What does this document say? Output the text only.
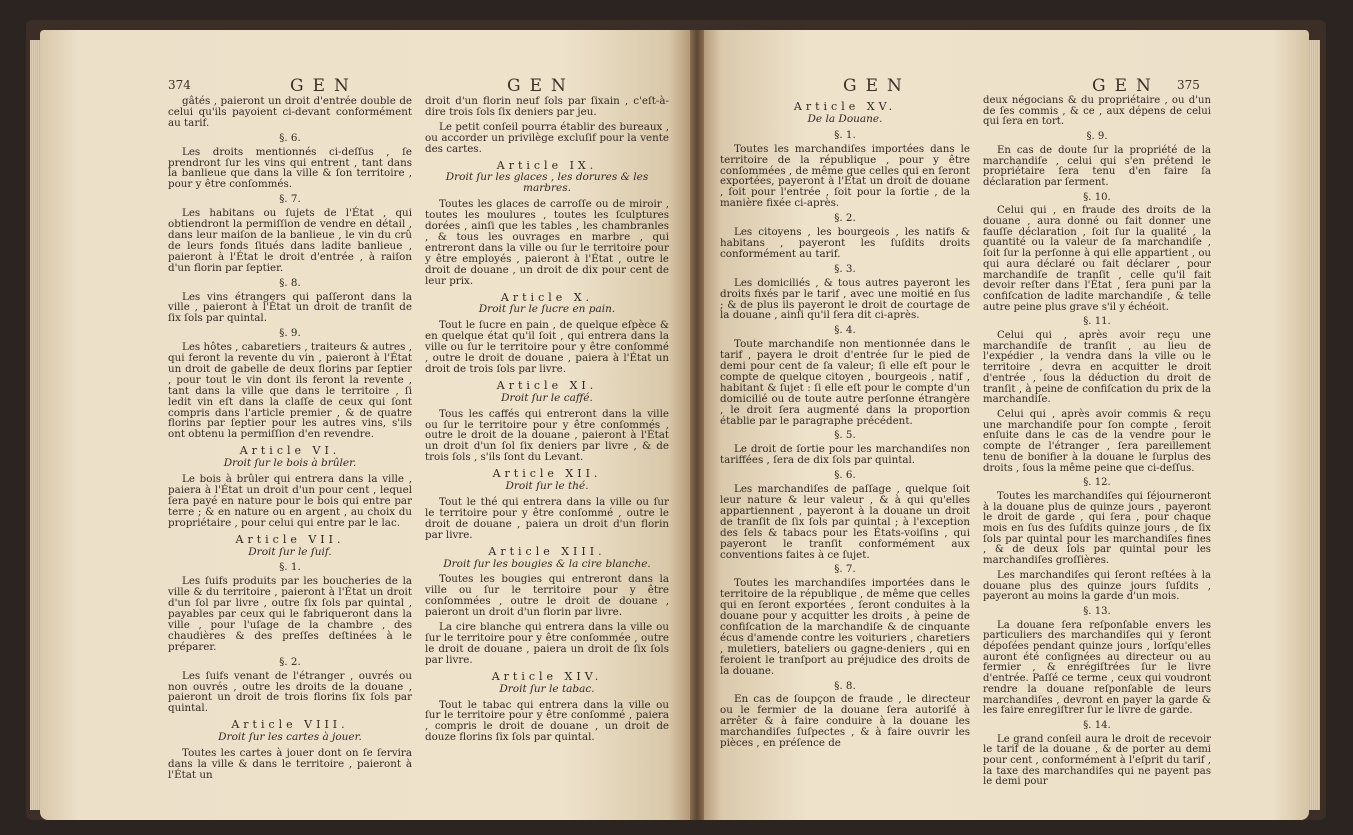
374	GEN	GEN	GEN	GEN 375

gâtés , paieront un droit d'entrée double de celui qu'ils payoient ci-devant conformément au tarif.

§. 6.

Les droits mentionnés ci-deſſus , ſe prendront ſur les vins qui entrent , tant dans la banlieue que dans la ville & ſon territoire , pour y être conſommés.

§. 7.

Les habitans ou ſujets de l'État , qui obtiendront la permiſſion de vendre en détail , dans leur maiſon de la banlieue , le vin du crû de leurs fonds ſitués dans ladite banlieue , paieront à l'État le droit d'entrée , à raiſon d'un florin par ſeptier.

§. 8.

Les vins étrangers qui paſſeront dans la ville , paieront à l'État un droit de tranſit de ſix ſols par quintal.

§. 9.

Les hôtes , cabaretiers , traiteurs & autres , qui feront la revente du vin , paieront à l'État un droit de gabelle de deux florins par ſeptier , pour tout le vin dont ils feront la revente , tant dans la ville que dans le territoire , ſi ledit vin eſt dans la claſſe de ceux qui ſont compris dans l'article premier , & de quatre florins par ſeptier pour les autres vins, s'ils ont obtenu la permiſſion d'en revendre.

Article VI.

Droit ſur le bois à brûler.

Le bois à brûler qui entrera dans la ville , paiera à l'État un droit d'un pour cent , lequel ſera payé en nature pour le bois qui entre par terre ; & en nature ou en argent , au choix du propriétaire , pour celui qui entre par le lac.

Article VII.

Droit ſur le ſuif.

§. 1.

Les ſuifs produits par les boucheries de la ville & du territoire , paieront à l'État un droit d'un ſol par livre , outre ſix ſols par quintal , payables par ceux qui le fabriqueront dans la ville , pour l'uſage de la chambre , des chaudières & des preſſes deſtinées à le préparer.

§. 2.

Les ſuifs venant de l'étranger , ouvrés ou non ouvrés , outre les droits de la douane , paieront un droit de trois florins ſix ſols par quintal.

Article VIII.

Droit ſur les cartes à jouer.

Toutes les cartes à jouer dont on ſe ſervira dans la ville & dans le territoire , paieront à l'État un

droit d'un florin neuf ſols par ſixain , c'eſt-à-dire trois ſols ſix deniers par jeu.

Le petit conſeil pourra établir des bureaux , ou accorder un privilège excluſif pour la vente des cartes.

Article IX.

Droit ſur les glaces , les dorures & les marbres.

Toutes les glaces de carroſſe ou de miroir , toutes les moulures , toutes les ſculptures dorées , ainſi que les tables , les chambranles , & tous les ouvrages en marbre , qui entreront dans la ville ou ſur le territoire pour y être employés , paieront à l'État , outre le droit de douane , un droit de dix pour cent de leur prix.

Article X.

Droit ſur le ſucre en pain.

Tout le ſucre en pain , de quelque eſpèce & en quelque état qu'il ſoit , qui entrera dans la ville ou ſur le territoire pour y être conſommé , outre le droit de douane , paiera à l'État un droit de trois ſols par livre.

Article XI.

Droit ſur le caffé.

Tous les caffés qui entreront dans la ville ou ſur le territoire pour y être conſommés , outre le droit de la douane , paieront à l'État un droit d'un ſol ſix deniers par livre , & de trois ſols , s'ils ſont du Levant.

Article XII.

Droit ſur le thé.

Tout le thé qui entrera dans la ville ou ſur le territoire pour y être conſommé , outre le droit de douane , paiera un droit d'un florin par livre.

Article XIII.

Droit ſur les bougies & la cire blanche.

Toutes les bougies qui entreront dans la ville ou ſur le territoire pour y être conſommées , outre le droit de douane , paieront un droit d'un florin par livre.

La cire blanche qui entrera dans la ville ou ſur le territoire pour y être conſommée , outre le droit de douane , paiera un droit de ſix ſols par livre.

Article XIV.

Droit ſur le tabac.

Tout le tabac qui entrera dans la ville ou ſur le territoire pour y être conſommé , paiera , compris le droit de douane , un droit de douze florins ſix ſols par quintal.

Article XV.

De la Douane.

§. 1.

Toutes les marchandiſes importées dans le territoire de la république , pour y être conſommées , de même que celles qui en ſeront exportées, payeront à l'État un droit de douane , ſoit pour l'entrée , ſoit pour la ſortie , de la manière fixée ci-après.

§. 2.

Les citoyens , les bourgeois , les natifs & habitans , payeront les ſuſdits droits conformément au tarif.

§. 3.

Les domiciliés , & tous autres payeront les droits fixés par le tarif , avec une moitié en ſus ; & de plus ils payeront le droit de courtage de la douane , ainſi qu'il ſera dit ci-après.

§. 4.

Toute marchandiſe non mentionnée dans le tarif , payera le droit d'entrée ſur le pied de demi pour cent de ſa valeur; ſi elle eſt pour le compte de quelque citoyen , bourgeois , natif , habitant & ſujet : ſi elle eſt pour le compte d'un domicilié ou de toute autre perſonne étrangère , le droit ſera augmenté dans la proportion établie par le paragraphe précédent.

§. 5.

Le droit de ſortie pour les marchandiſes non tariffées , ſera de dix ſols par quintal.

§. 6.

Les marchandiſes de paſſage , quelque ſoit leur nature & leur valeur , & à qui qu'elles appartiennent , payeront à la douane un droit de tranſit de ſix ſols par quintal ; à l'exception des ſels & tabacs pour les États-voiſins , qui payeront le tranſit conformément aux conventions faites à ce ſujet.

§. 7.

Toutes les marchandiſes importées dans le territoire de la république , de même que celles qui en ſeront exportées , ſeront conduites à la douane pour y acquitter les droits , à peine de confiſcation de la marchandiſe & de cinquante écus d'amende contre les voituriers , charetiers , muletiers, bateliers ou gagne-deniers , qui en feroient le tranſport au préjudice des droits de la douane.

§. 8.

En cas de ſoupçon de fraude , le directeur ou le fermier de la douane ſera autoriſé à arrêter & à faire conduire à la douane les marchandiſes ſuſpectes , & à faire ouvrir les pièces , en préſence de

deux négocians & du propriétaire , ou d'un de ſes commis , & ce , aux dépens de celui qui ſera en tort.

§. 9.

En cas de doute ſur la propriété de la marchandiſe , celui qui s'en prétend le propriétaire ſera tenu d'en faire ſa déclaration par ſerment.

§. 10.

Celui qui , en fraude des droits de la douane , aura donné ou fait donner une fauſſe déclaration , ſoit ſur la qualité , la quantité ou la valeur de ſa marchandiſe , ſoit ſur la perſonne à qui elle appartient , ou qui aura déclaré ou fait déclarer , pour marchandiſe de tranſit , celle qu'il fait devoir reſter dans l'État , ſera puni par la confiſcation de ladite marchandiſe , & telle autre peine plus grave s'il y échéoit.

§. 11.

Celui qui , après avoir reçu une marchandiſe de tranſit , au lieu de l'expédier , la vendra dans la ville ou le territoire , devra en acquitter le droit d'entrée , ſous la déduction du droit de tranſit , à peine de confiſcation du prix de la marchandiſe.

Celui qui , après avoir commis & reçu une marchandiſe pour ſon compte , ſeroit enſuite dans le cas de la vendre pour le compte de l'étranger , ſera pareillement tenu de bonifier à la douane le ſurplus des droits , ſous la même peine que ci-deſſus.

§. 12.

Toutes les marchandiſes qui ſéjourneront à la douane plus de quinze jours , payeront le droit de garde , qui ſera , pour chaque mois en ſus des ſuſdits quinze jours , de ſix ſols par quintal pour les marchandiſes fines , & de deux ſols par quintal pour les marchandiſes groſſières.

Les marchandiſes qui ſeront reſtées à la douane plus des quinze jours ſuſdits , payeront au moins la garde d'un mois.

§. 13.

La douane ſera reſponſable envers les particuliers des marchandiſes qui y ſeront dépoſées pendant quinze jours , lorſqu'elles auront été conſignées au directeur ou au fermier , & enrégiſtrées ſur le livre d'entrée. Paſſé ce terme , ceux qui voudront rendre la douane reſponſable de leurs marchandiſes , devront en payer la garde & les faire enregiſtrer ſur le livre de garde.

§. 14.

Le grand conſeil aura le droit de recevoir le tarif de la douane , & de porter au demi pour cent , conformément à l'eſprit du tarif , la taxe des marchandiſes qui ne payent pas le demi pour
